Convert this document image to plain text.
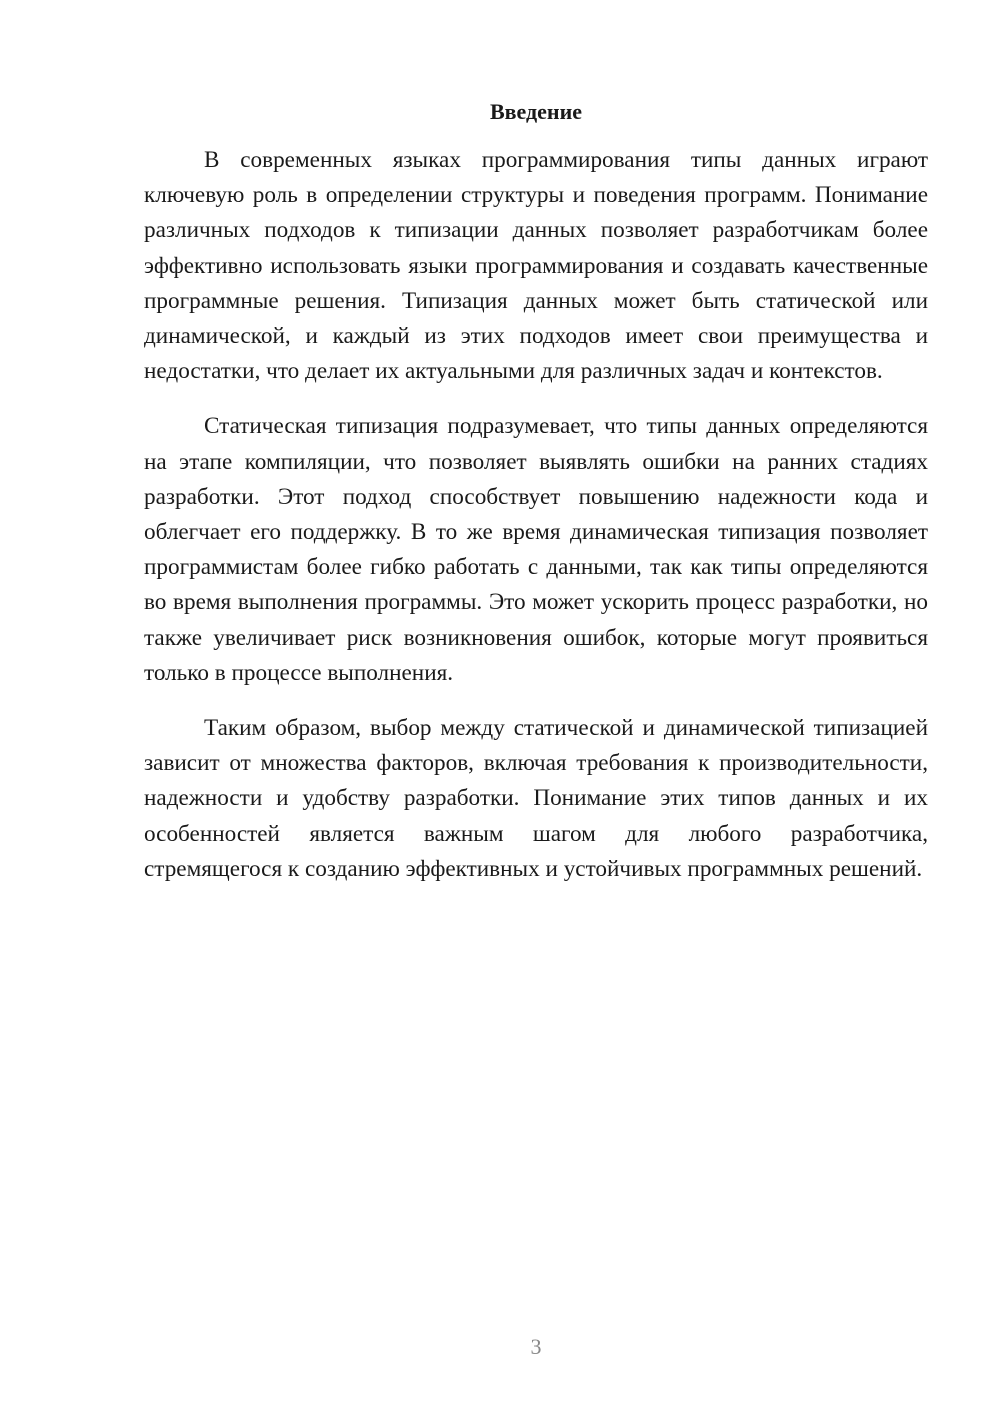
Введение

В современных языках программирования типы данных играют ключевую роль в определении структуры и поведения программ. Понимание различных подходов к типизации данных позволяет разработчикам более эффективно использовать языки программирования и создавать качественные программные решения. Типизация данных может быть статической или динамической, и каждый из этих подходов имеет свои преимущества и недостатки, что делает их актуальными для различных задач и контекстов.

Статическая типизация подразумевает, что типы данных определяются на этапе компиляции, что позволяет выявлять ошибки на ранних стадиях разработки. Этот подход способствует повышению надежности кода и облегчает его поддержку. В то же время динамическая типизация позволяет программистам более гибко работать с данными, так как типы определяются во время выполнения программы. Это может ускорить процесс разработки, но также увеличивает риск возникновения ошибок, которые могут проявиться только в процессе выполнения.

Таким образом, выбор между статической и динамической типизацией зависит от множества факторов, включая требования к производительности, надежности и удобству разработки. Понимание этих типов данных и их особенностей является важным шагом для любого разработчика, стремящегося к созданию эффективных и устойчивых программных решений.

3
